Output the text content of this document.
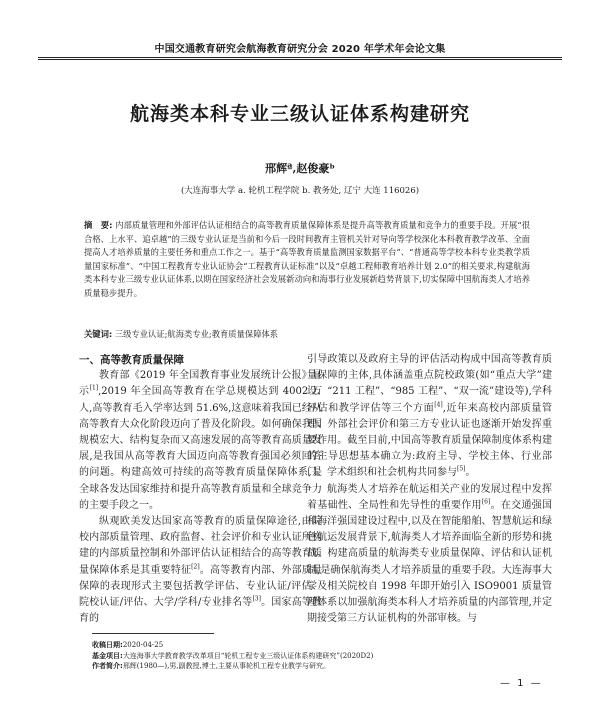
中国交通教育研究会航海教育研究分会 2020 年学术年会论文集
航海类本科专业三级认证体系构建研究
邢辉ª,赵俊豪ᵇ
(大连海事大学 a. 轮机工程学院 b. 教务处, 辽宁 大连 116026)
摘　要: 内部质量管理和外部评估认证相结合的高等教育质量保障体系是提升高等教育质量和竞争力的重要手段。开展“很合格、上水平、追卓越”的三级专业认证是当前和今后一段时间教育主管机关针对导向等学校深化本科教育教学改革、全面提高人才培养质量的主要任务和重点工作之一。基于“高等教育质量监测国家数据平台”、“普通高等学校本科专业类教学质量国家标准”、“中国工程教育专业认证协会“工程教育认证标准”以及“卓越工程师教育培养计划 2.0”的相关要求,构建航海类本科专业三级专业认证体系,以期在国家经济社会发展新动向和海事行业发展新趋势背景下,切实保障中国航海类人才培养质量稳步提升。
关键词: 三级专业认证;航海类专业;教育质量保障体系

一、高等教育质量保障

教育部《2019 年全国教育事业发展统计公报》显示[1],2019 年全国高等教育在学总规模达到 4002 万人,高等教育毛入学率达到 51.6%,这意味着我国已经从高等教育大众化阶段迈向了普及化阶段。如何确保我国规模宏大、结构复杂而又高速发展的高等教育高质量发展,是我国从高等教育大国迈向高等教育强国必须回答的问题。构建高效可持续的高等教育质量保障体系,是全球各发达国家维持和提升高等教育质量和全球竞争力的主要手段之一。

纵观欧美发达国家高等教育的质量保障途径,由院校内部质量管理、政府监督、社会评价和专业认证所构建的内部质量控制和外部评估认证相结合的高等教育质量保障体系是其重要特征[2]。高等教育内部、外部质量保障的表现形式主要包括教学评估、专业认证/评估、院校认证/评估、大学/学科/专业排名等[3]。国家高等教育的

引导政策以及政府主导的评估活动构成中国高等教育质量保障的主体,具体涵盖重点院校政策(如“重点大学”建设、“211 工程”、“985 工程”、“双一流”建设等),学科评估和教学评估等三个方面[4],近年来高校内部质量管理、外部社会评价和第三方专业认证也逐渐开始发挥重要作用。截至目前,中国高等教育质量保障制度体系构建的主导思想基本确立为:政府主导、学校主体、行业部门、学术组织和社会机构共同参与[5]。

航海类人才培养在航运相关产业的发展过程中发挥着基础性、全局性和先导性的重要作用[6]。在交通强国和海洋强国建设过程中,以及在智能船舶、智慧航运和绿色航运发展背景下,航海类人才培养面临全新的形势和挑战。构建高质量的航海类专业质量保障、评估和认证机制,是确保航海类人才培养质量的重要手段。大连海事大学及相关院校自 1998 年即开始引入 ISO9001 质量管理体系以加强航海类本科人才培养质量的内部管理,并定期接受第三方认证机构的外部审核。与

收稿日期:2020-04-25
基金项目:大连海事大学教育教学改革项目“轮机工程专业三级认证体系构建研究”(2020D2)
作者简介:邢辉(1980—),男,副教授,博士,主要从事轮机工程专业教学与研究。
— 1 —
